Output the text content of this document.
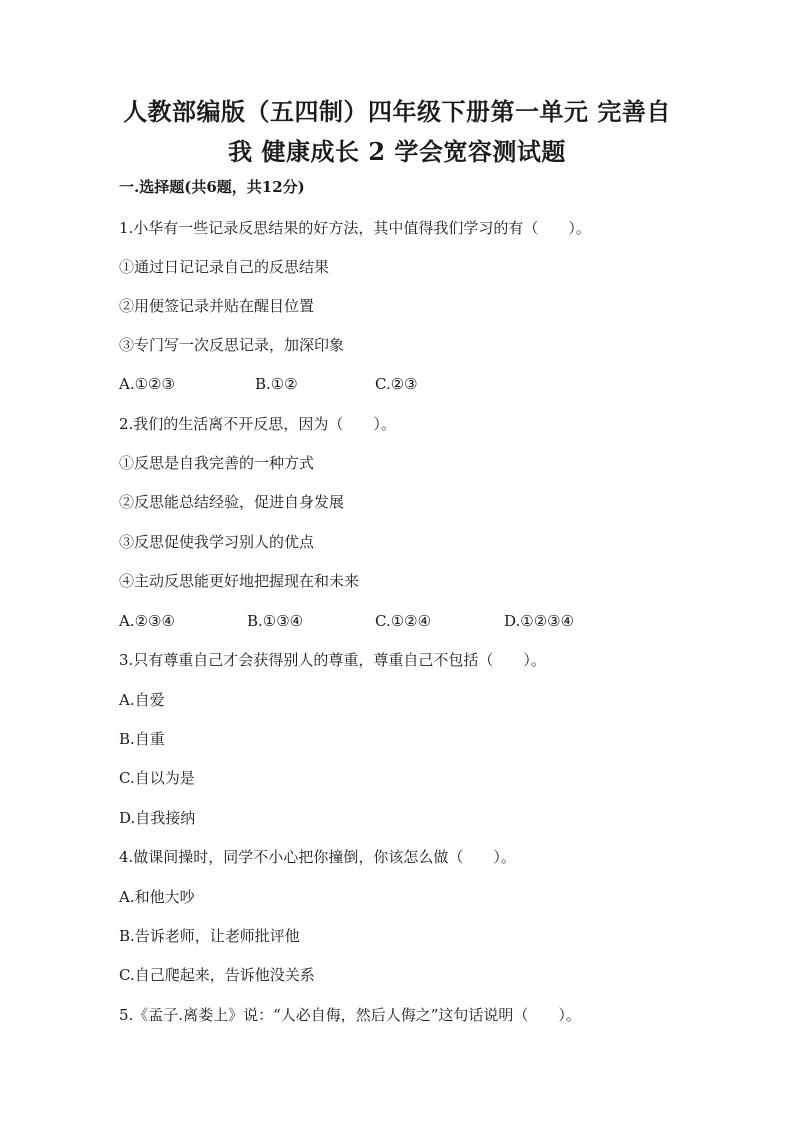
人教部编版（五四制）四年级下册第一单元 完善自
我 健康成长 2 学会宽容测试题
一.选择题(共6题，共12分)
1.小华有一些记录反思结果的好方法，其中值得我们学习的有（　　）。
①通过日记记录自己的反思结果
②用便签记录并贴在醒目位置
③专门写一次反思记录，加深印象
A.①②③	B.①②	C.②③
2.我们的生活离不开反思，因为（　　）。
①反思是自我完善的一种方式
②反思能总结经验，促进自身发展
③反思促使我学习别人的优点
④主动反思能更好地把握现在和未来
A.②③④	B.①③④	C.①②④	D.①②③④
3.只有尊重自己才会获得别人的尊重，尊重自己不包括（　　）。
A.自爱
B.自重
C.自以为是
D.自我接纳
4.做课间操时，同学不小心把你撞倒，你该怎么做（　　）。
A.和他大吵
B.告诉老师，让老师批评他
C.自己爬起来，告诉他没关系
5.《孟子.离娄上》说：“人必自侮，然后人侮之”这句话说明（　　）。
